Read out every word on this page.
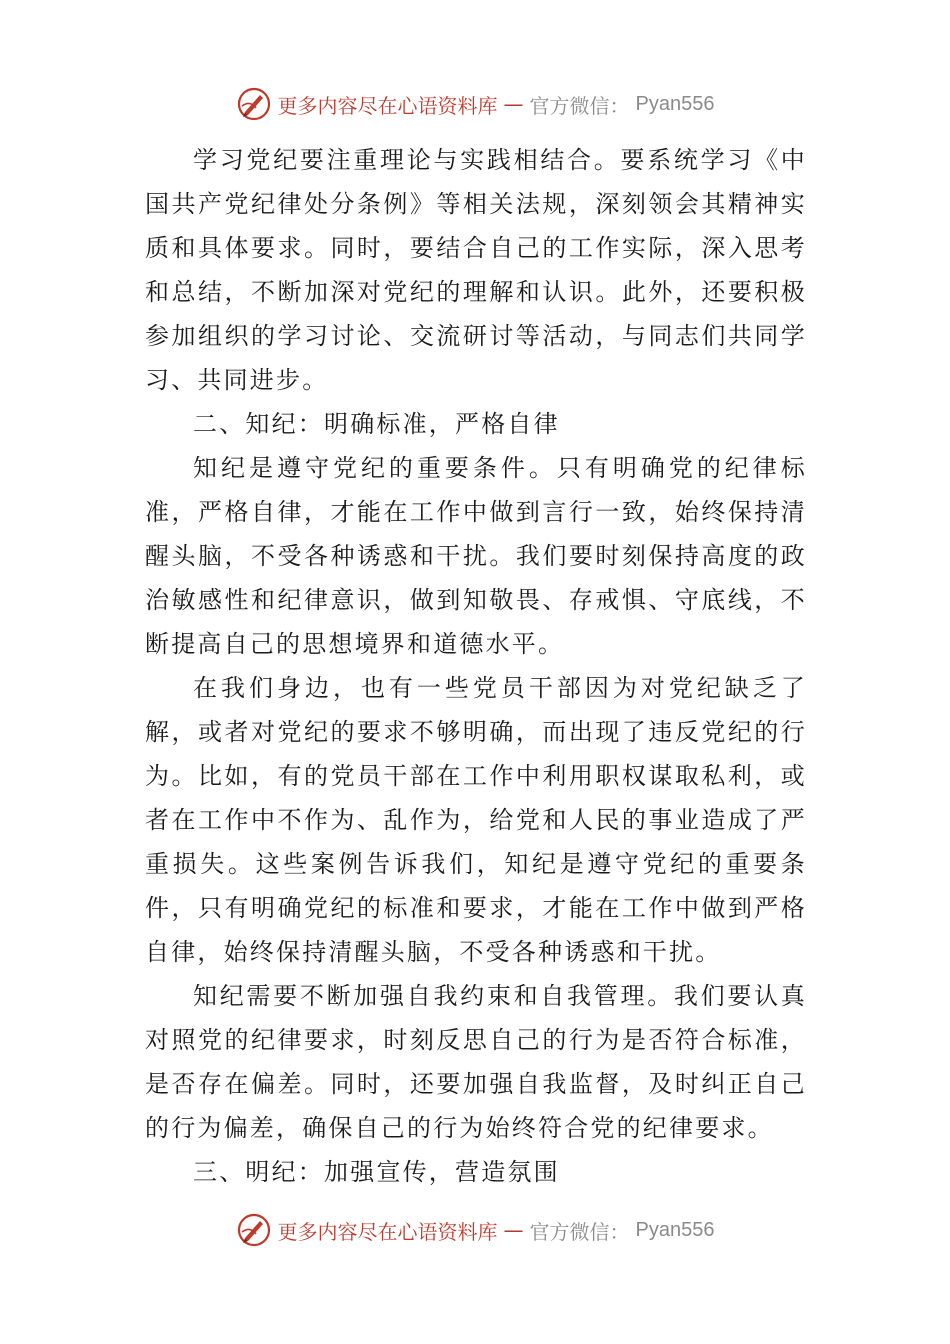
更多内容尽在心语资料库 — 官方微信： Pyan556

学习党纪要注重理论与实践相结合。要系统学习《中国共产党纪律处分条例》等相关法规，深刻领会其精神实质和具体要求。同时，要结合自己的工作实际，深入思考和总结，不断加深对党纪的理解和认识。此外，还要积极参加组织的学习讨论、交流研讨等活动，与同志们共同学习、共同进步。

二、知纪：明确标准，严格自律

知纪是遵守党纪的重要条件。只有明确党的纪律标准，严格自律，才能在工作中做到言行一致，始终保持清醒头脑，不受各种诱惑和干扰。我们要时刻保持高度的政治敏感性和纪律意识，做到知敬畏、存戒惧、守底线，不断提高自己的思想境界和道德水平。

在我们身边，也有一些党员干部因为对党纪缺乏了解，或者对党纪的要求不够明确，而出现了违反党纪的行为。比如，有的党员干部在工作中利用职权谋取私利，或者在工作中不作为、乱作为，给党和人民的事业造成了严重损失。这些案例告诉我们，知纪是遵守党纪的重要条件，只有明确党纪的标准和要求，才能在工作中做到严格自律，始终保持清醒头脑，不受各种诱惑和干扰。

知纪需要不断加强自我约束和自我管理。我们要认真对照党的纪律要求，时刻反思自己的行为是否符合标准，是否存在偏差。同时，还要加强自我监督，及时纠正自己的行为偏差，确保自己的行为始终符合党的纪律要求。

三、明纪：加强宣传，营造氛围

更多内容尽在心语资料库 — 官方微信： Pyan556
